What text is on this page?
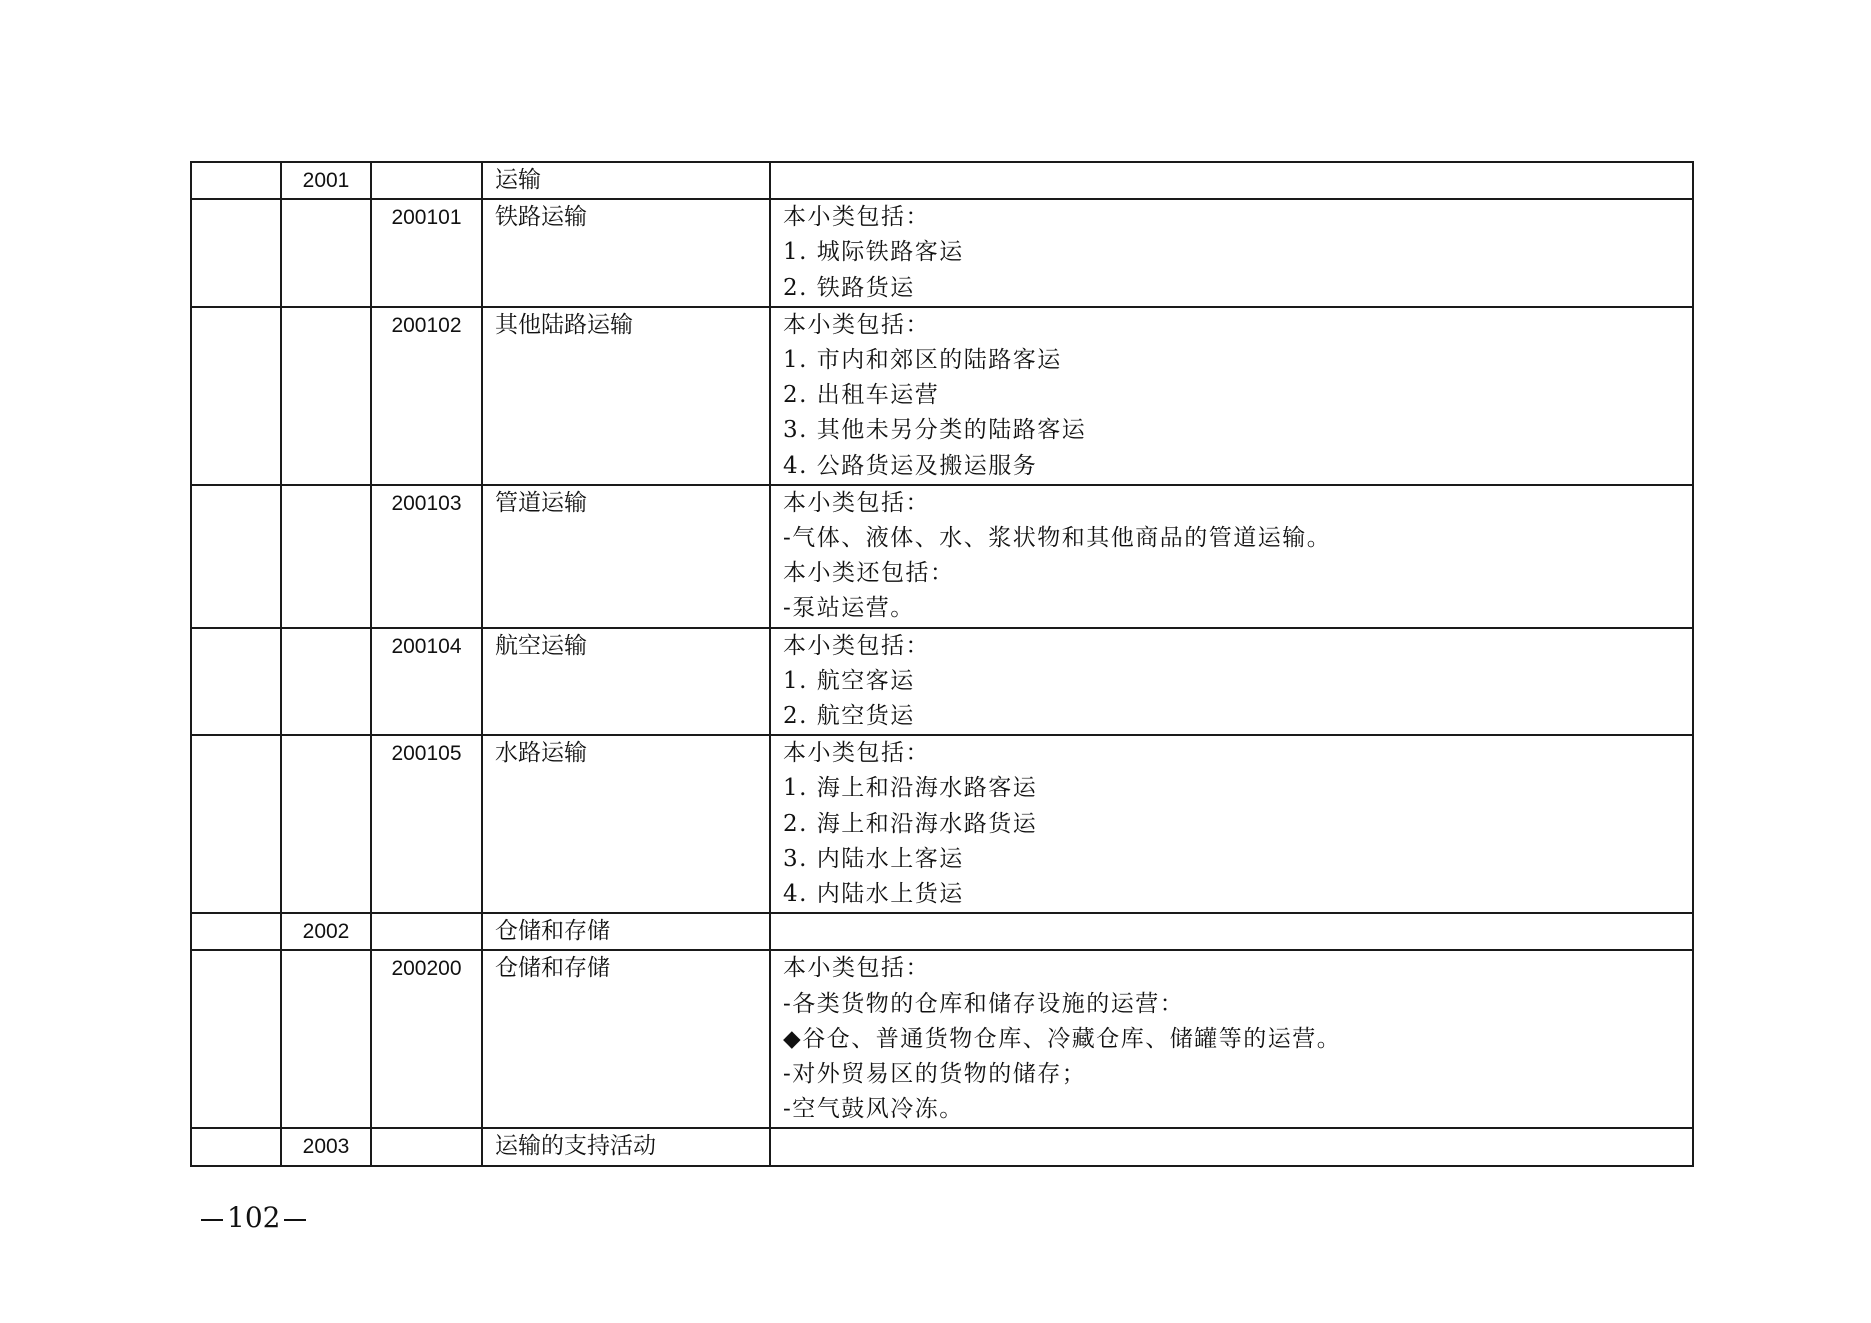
	2001		运输	
		200101	铁路运输	本小类包括：
1. 城际铁路客运
2. 铁路货运

		200102	其他陆路运输	本小类包括：
1. 市内和郊区的陆路客运
2. 出租车运营
3. 其他未另分类的陆路客运
4. 公路货运及搬运服务

		200103	管道运输	本小类包括：
-气体、液体、水、浆状物和其他商品的管道运输。
本小类还包括：
-泵站运营。

		200104	航空运输	本小类包括：
1. 航空客运
2. 航空货运

		200105	水路运输	本小类包括：
1. 海上和沿海水路客运
2. 海上和沿海水路货运
3. 内陆水上客运
4. 内陆水上货运

	2002		仓储和存储	
		200200	仓储和存储	本小类包括：
-各类货物的仓库和储存设施的运营：
◆谷仓、普通货物仓库、冷藏仓库、储罐等的运营。
-对外贸易区的货物的储存；
-空气鼓风冷冻。

	2003		运输的支持活动	
102
